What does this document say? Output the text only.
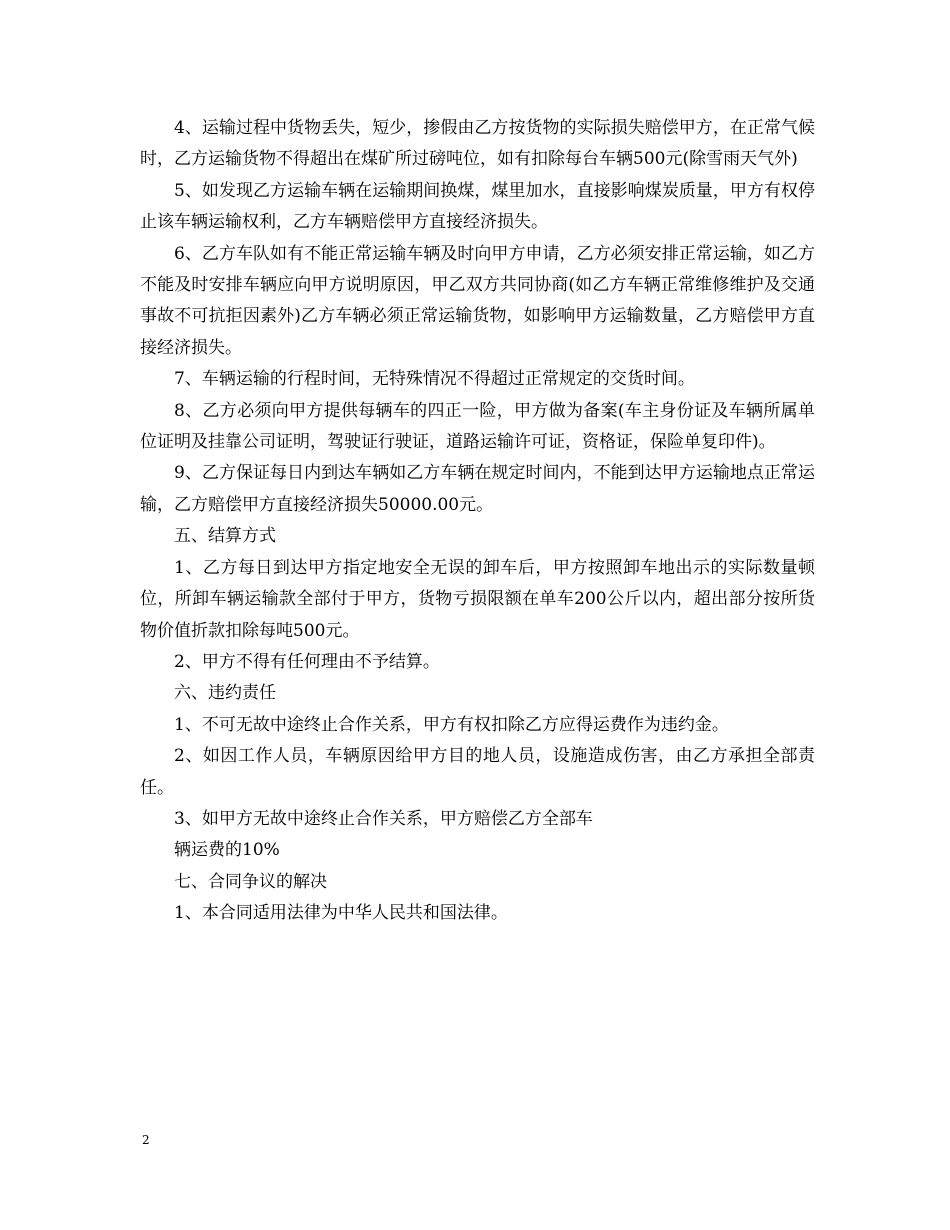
4、运输过程中货物丢失，短少，掺假由乙方按货物的实际损失赔偿甲方，在正常气候时，乙方运输货物不得超出在煤矿所过磅吨位，如有扣除每台车辆500元(除雪雨天气外)

5、如发现乙方运输车辆在运输期间换煤，煤里加水，直接影响煤炭质量，甲方有权停止该车辆运输权利，乙方车辆赔偿甲方直接经济损失。

6、乙方车队如有不能正常运输车辆及时向甲方申请，乙方必须安排正常运输，如乙方不能及时安排车辆应向甲方说明原因，甲乙双方共同协商(如乙方车辆正常维修维护及交通事故不可抗拒因素外)乙方车辆必须正常运输货物，如影响甲方运输数量，乙方赔偿甲方直接经济损失。

7、车辆运输的行程时间，无特殊情况不得超过正常规定的交货时间。

8、乙方必须向甲方提供每辆车的四正一险，甲方做为备案(车主身份证及车辆所属单位证明及挂靠公司证明，驾驶证行驶证，道路运输许可证，资格证，保险单复印件)。

9、乙方保证每日内到达车辆如乙方车辆在规定时间内，不能到达甲方运输地点正常运输，乙方赔偿甲方直接经济损失50000.00元。

五、结算方式

1、乙方每日到达甲方指定地安全无误的卸车后，甲方按照卸车地出示的实际数量顿位，所卸车辆运输款全部付于甲方，货物亏损限额在单车200公斤以内，超出部分按所货物价值折款扣除每吨500元。

2、甲方不得有任何理由不予结算。

六、违约责任

1、不可无故中途终止合作关系，甲方有权扣除乙方应得运费作为违约金。

2、如因工作人员，车辆原因给甲方目的地人员，设施造成伤害，由乙方承担全部责任。

3、如甲方无故中途终止合作关系，甲方赔偿乙方全部车

辆运费的10%

七、合同争议的解决

1、本合同适用法律为中华人民共和国法律。

2
